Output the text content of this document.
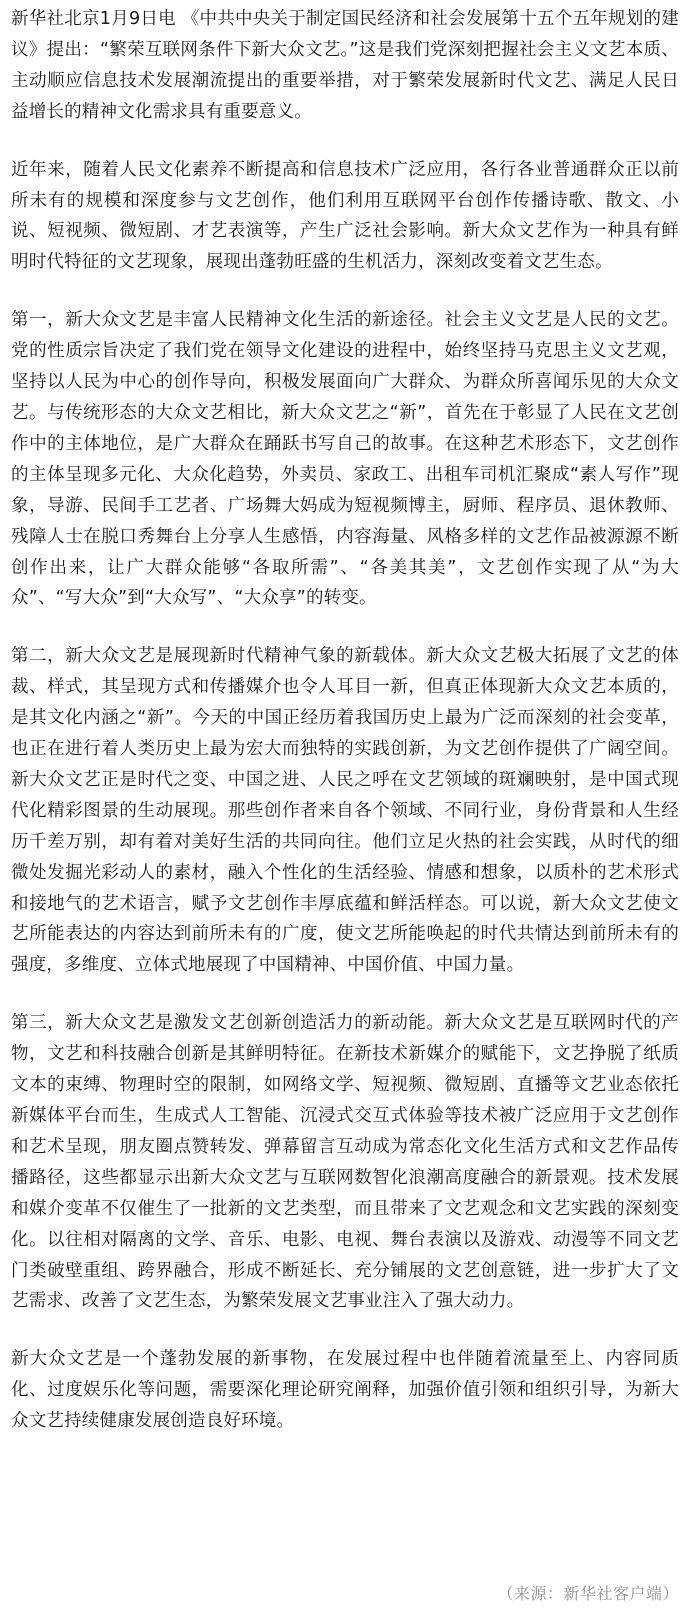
新华社北京1月9日电 《中共中央关于制定国民经济和社会发展第十五个五年规划的建议》提出：“繁荣互联网条件下新大众文艺。”这是我们党深刻把握社会主义文艺本质、主动顺应信息技术发展潮流提出的重要举措，对于繁荣发展新时代文艺、满足人民日益增长的精神文化需求具有重要意义。

近年来，随着人民文化素养不断提高和信息技术广泛应用，各行各业普通群众正以前所未有的规模和深度参与文艺创作，他们利用互联网平台创作传播诗歌、散文、小说、短视频、微短剧、才艺表演等，产生广泛社会影响。新大众文艺作为一种具有鲜明时代特征的文艺现象，展现出蓬勃旺盛的生机活力，深刻改变着文艺生态。

第一，新大众文艺是丰富人民精神文化生活的新途径。社会主义文艺是人民的文艺。党的性质宗旨决定了我们党在领导文化建设的进程中，始终坚持马克思主义文艺观，坚持以人民为中心的创作导向，积极发展面向广大群众、为群众所喜闻乐见的大众文艺。与传统形态的大众文艺相比，新大众文艺之“新”，首先在于彰显了人民在文艺创作中的主体地位，是广大群众在踊跃书写自己的故事。在这种艺术形态下，文艺创作的主体呈现多元化、大众化趋势，外卖员、家政工、出租车司机汇聚成“素人写作”现象，导游、民间手工艺者、广场舞大妈成为短视频博主，厨师、程序员、退休教师、残障人士在脱口秀舞台上分享人生感悟，内容海量、风格多样的文艺作品被源源不断创作出来，让广大群众能够“各取所需”、“各美其美”，文艺创作实现了从“为大众”、“写大众”到“大众写”、“大众享”的转变。

第二，新大众文艺是展现新时代精神气象的新载体。新大众文艺极大拓展了文艺的体裁、样式，其呈现方式和传播媒介也令人耳目一新，但真正体现新大众文艺本质的，是其文化内涵之“新”。今天的中国正经历着我国历史上最为广泛而深刻的社会变革，也正在进行着人类历史上最为宏大而独特的实践创新，为文艺创作提供了广阔空间。新大众文艺正是时代之变、中国之进、人民之呼在文艺领域的斑斓映射，是中国式现代化精彩图景的生动展现。那些创作者来自各个领域、不同行业，身份背景和人生经历千差万别，却有着对美好生活的共同向往。他们立足火热的社会实践，从时代的细微处发掘光彩动人的素材，融入个性化的生活经验、情感和想象，以质朴的艺术形式和接地气的艺术语言，赋予文艺创作丰厚底蕴和鲜活样态。可以说，新大众文艺使文艺所能表达的内容达到前所未有的广度，使文艺所能唤起的时代共情达到前所未有的强度，多维度、立体式地展现了中国精神、中国价值、中国力量。

第三，新大众文艺是激发文艺创新创造活力的新动能。新大众文艺是互联网时代的产物，文艺和科技融合创新是其鲜明特征。在新技术新媒介的赋能下，文艺挣脱了纸质文本的束缚、物理时空的限制，如网络文学、短视频、微短剧、直播等文艺业态依托新媒体平台而生，生成式人工智能、沉浸式交互式体验等技术被广泛应用于文艺创作和艺术呈现，朋友圈点赞转发、弹幕留言互动成为常态化文化生活方式和文艺作品传播路径，这些都显示出新大众文艺与互联网数智化浪潮高度融合的新景观。技术发展和媒介变革不仅催生了一批新的文艺类型，而且带来了文艺观念和文艺实践的深刻变化。以往相对隔离的文学、音乐、电影、电视、舞台表演以及游戏、动漫等不同文艺门类破壁重组、跨界融合，形成不断延长、充分铺展的文艺创意链，进一步扩大了文艺需求、改善了文艺生态，为繁荣发展文艺事业注入了强大动力。

新大众文艺是一个蓬勃发展的新事物，在发展过程中也伴随着流量至上、内容同质化、过度娱乐化等问题，需要深化理论研究阐释，加强价值引领和组织引导，为新大众文艺持续健康发展创造良好环境。

（来源：新华社客户端）
